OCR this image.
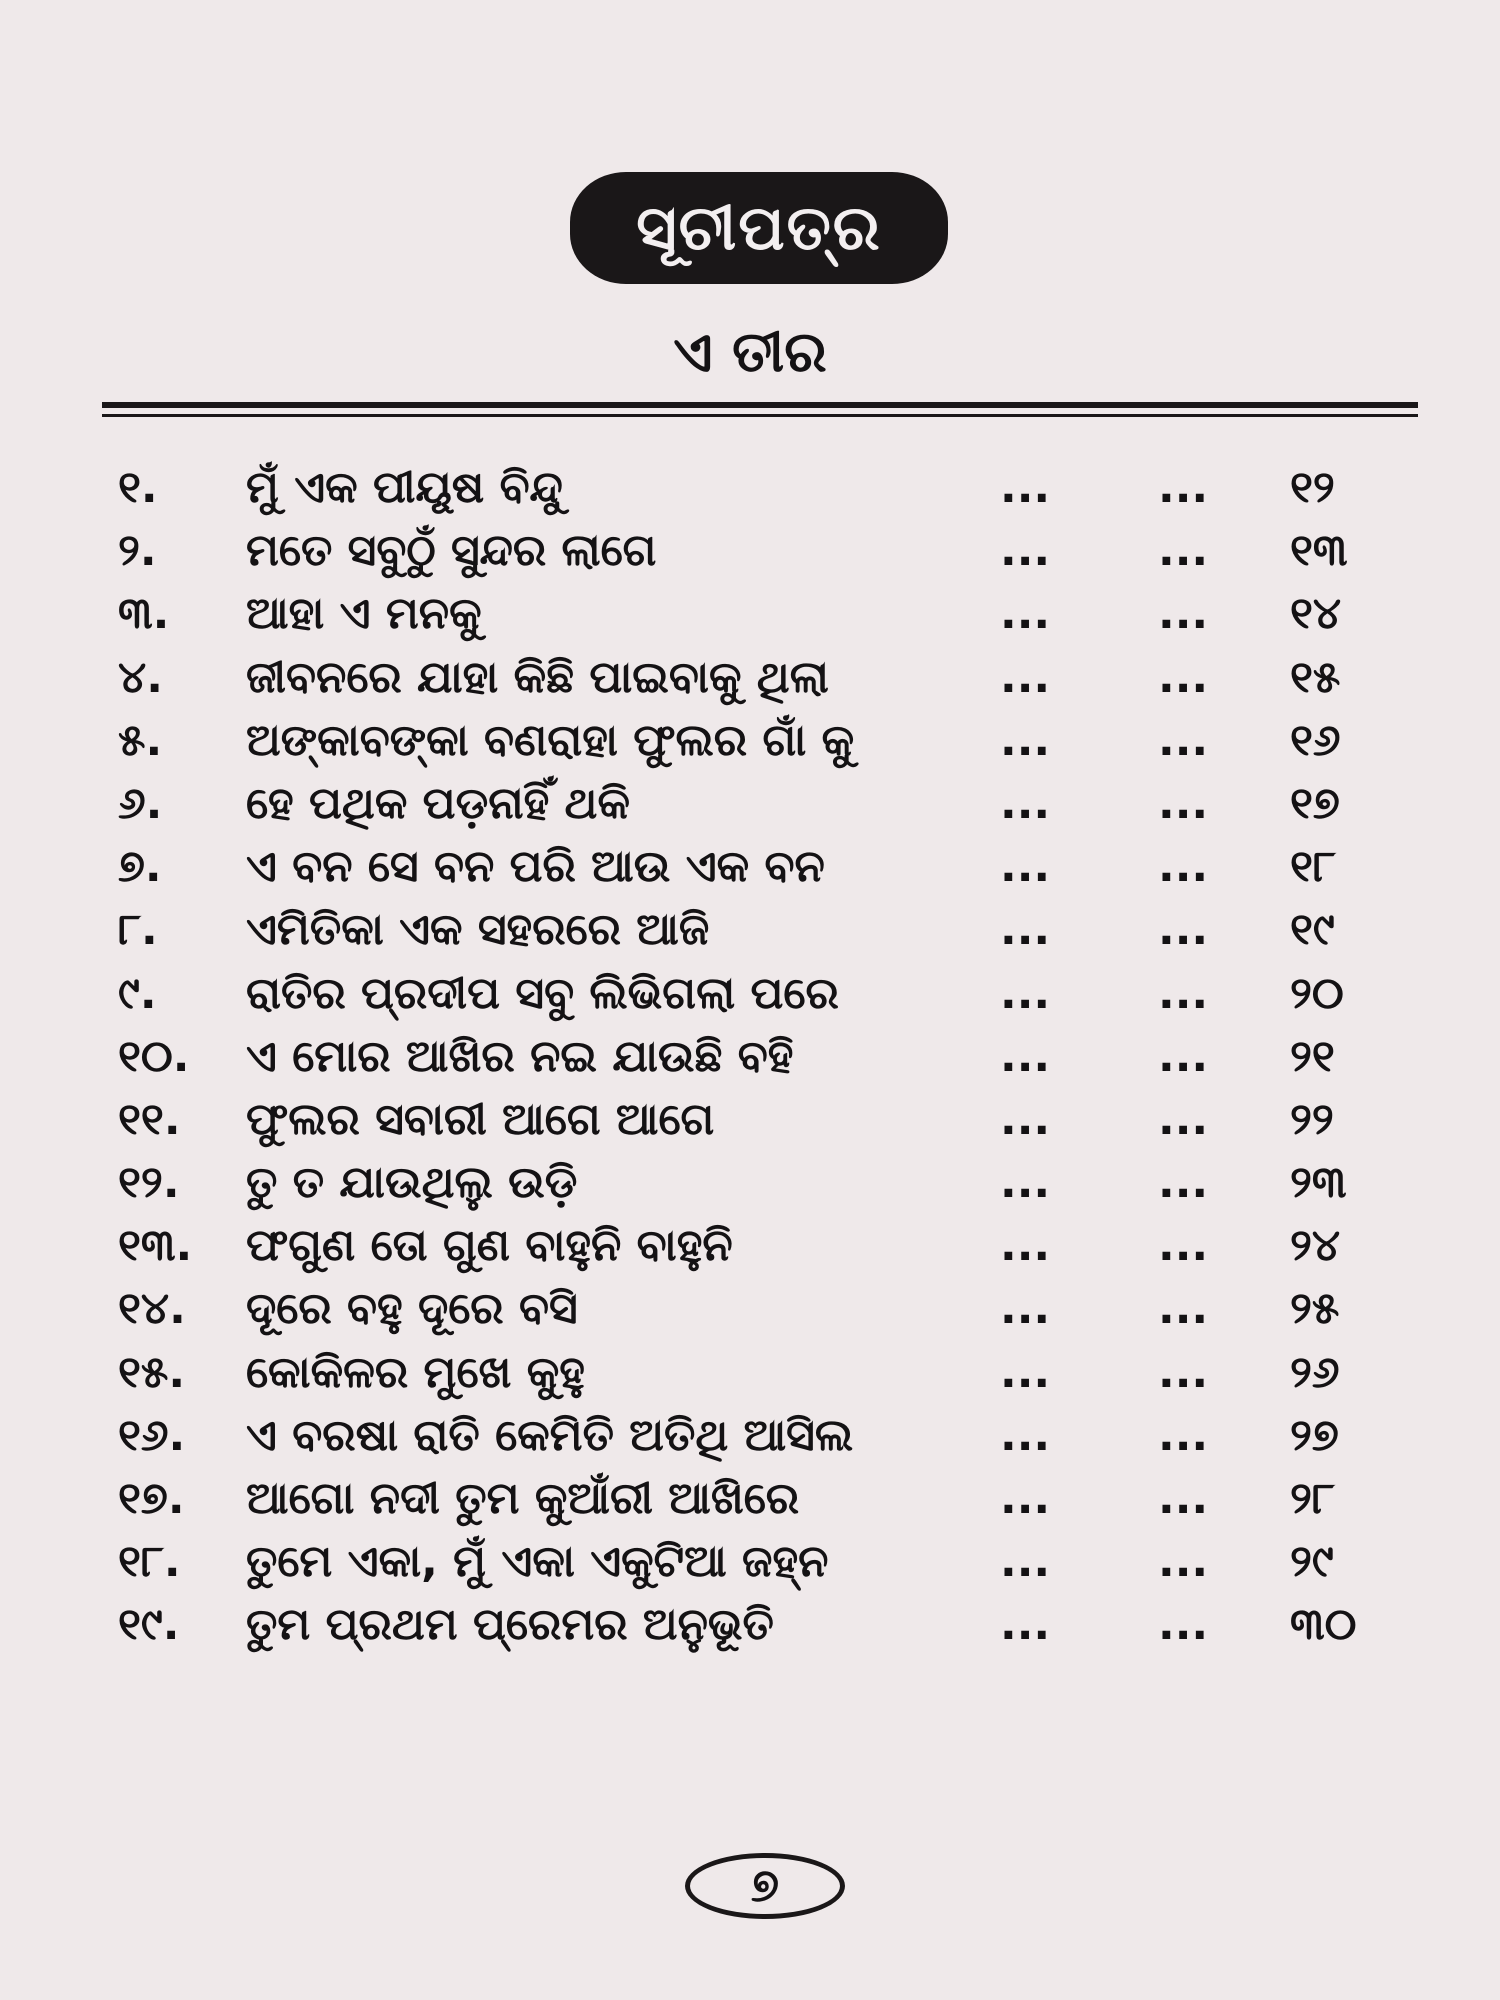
ସୂଚୀପତ୍ର
ଏ ତୀର
୧. ମୁଁ ଏକ ପୀୟୂଷ ବିନ୍ଦୁ	... ... ୧୨
୨. ମତେ ସବୁଠୁଁ ସୁନ୍ଦର ଲାଗେ	... ... ୧୩
୩. ଆହା ଏ ମନକୁ	... ... ୧୪
୪. ଜୀବନରେ ଯାହା କିଛି ପାଇବାକୁ ଥିଲା	... ... ୧୫
୫. ଅଙ୍କାବଙ୍କା ବଣରାହା ଫୁଲର ଗାଁ କୁ	... ... ୧୬
୬. ହେ ପଥିକ ପଡ଼ନାହିଁ ଥକି	... ... ୧୭
୭. ଏ ବନ ସେ ବନ ପରି ଆଉ ଏକ ବନ	... ... ୧୮
୮. ଏମିତିକା ଏକ ସହରରେ ଆଜି	... ... ୧୯
୯. ରାତିର ପ୍ରଦୀପ ସବୁ ଲିଭିଗଲା ପରେ	... ... ୨୦
୧୦. ଏ ମୋର ଆଖିର ନଇ ଯାଉଛି ବହି	... ... ୨୧
୧୧. ଫୁଲର ସବାରୀ ଆଗେ ଆଗେ	... ... ୨୨
୧୨. ତୁ ତ ଯାଉଥିଲୁ ଉଡ଼ି	... ... ୨୩
୧୩. ଫଗୁଣ ତୋ ଗୁଣ ବାହୁନି ବାହୁନି	... ... ୨୪
୧୪. ଦୂରେ ବହୁ ଦୂରେ ବସି	... ... ୨୫
୧୫. କୋକିଳର ମୁଖେ କୁହୁ	... ... ୨୬
୧୬. ଏ ବରଷା ରାତି କେମିତି ଅତିଥି ଆସିଲ	... ... ୨୭
୧୭. ଆଗୋ ନଦୀ ତୁମ କୁଆଁରୀ ଆଖିରେ	... ... ୨୮
୧୮. ତୁମେ ଏକା, ମୁଁ ଏକା ଏକୁଟିଆ ଜହ୍ନ	... ... ୨୯
୧୯. ତୁମ ପ୍ରଥମ ପ୍ରେମର ଅନୁଭୂତି	... ... ୩୦
୭
